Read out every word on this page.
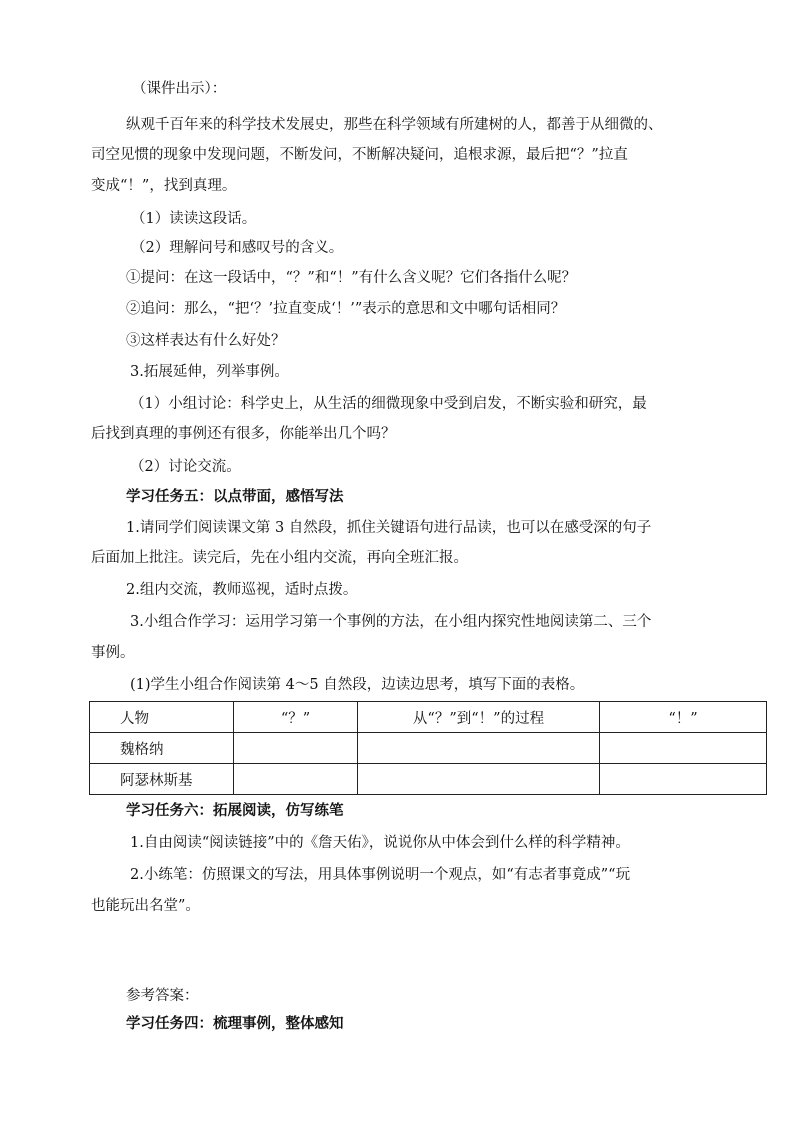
（课件出示）：
纵观千百年来的科学技术发展史，那些在科学领域有所建树的人，都善于从细微的、
司空见惯的现象中发现问题，不断发问，不断解决疑问，追根求源，最后把“？”拉直
变成“！”，找到真理。
（1）读读这段话。
（2）理解问号和感叹号的含义。
①提问：在这一段话中，“？”和“！”有什么含义呢？它们各指什么呢？
②追问：那么，“把‘？’拉直变成‘！’”表示的意思和文中哪句话相同？
③这样表达有什么好处？
3.拓展延伸，列举事例。
（1）小组讨论：科学史上，从生活的细微现象中受到启发，不断实验和研究，最
后找到真理的事例还有很多，你能举出几个吗？
（2）讨论交流。
学习任务五：以点带面，感悟写法
1.请同学们阅读课文第 3 自然段，抓住关键语句进行品读，也可以在感受深的句子
后面加上批注。读完后，先在小组内交流，再向全班汇报。
2.组内交流，教师巡视，适时点拨。
3.小组合作学习：运用学习第一个事例的方法，在小组内探究性地阅读第二、三个
事例。
(1)学生小组合作阅读第 4～5 自然段，边读边思考，填写下面的表格。
人物	“？”	从“？”到“！”的过程	“！”
魏格纳			
阿瑟林斯基			
学习任务六：拓展阅读，仿写练笔
1.自由阅读“阅读链接”中的《詹天佑》，说说你从中体会到什么样的科学精神。
2.小练笔：仿照课文的写法，用具体事例说明一个观点，如“有志者事竟成”“玩
也能玩出名堂”。
参考答案：
学习任务四：梳理事例，整体感知
